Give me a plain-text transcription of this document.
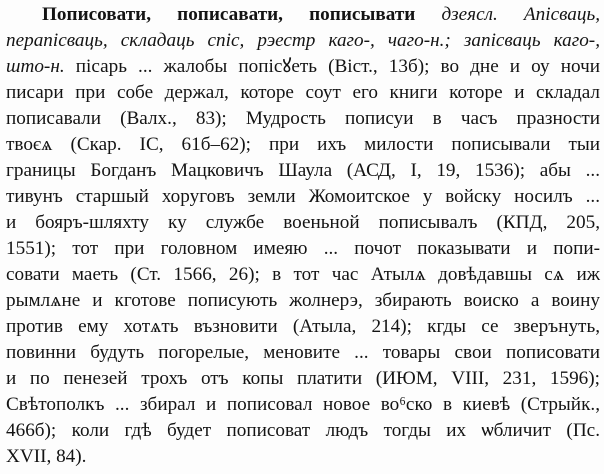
Пописовати, пописавати, пописывати дзеясл. Апісваць,
перапісваць, складаць спіс, рэестр каго-, чаго-н.; запісваць каго-,
што-н. пісарь ... жалобы попісꙋеть (Віст., 13б); во дне и оу ночи
писари при собе держал, которе соут его книги которе и складал
пописавали (Валх., 83); Мудрость пописуи в часъ празности
твоєѧ (Скар. ІС, 61б–62); при ихъ милости пописывали тыи
границы Богданъ Мацковичъ Шаула (АСД, І, 19, 1536); абы ...
тивунъ старшый хоруговъ земли Жомоитское у войску носилъ ...
и бояръ-шляхту ку службе военьной пописывалъ (КПД, 205,
1551); тот при головном имеяю ... почот показывати и попи-
совати маеть (Ст. 1566, 26); в тот час Атылѧ довѣдавшы сѧ иж
рымлѧне и кготове пописують жолнерэ, збирають воиско а воину
против ему хотѧть възновити (Атыла, 214); кгды се зверънуть,
повинни будуть погорелые, меновите ... товары свои пописовати
и по пенезей трохъ отъ копы платити (ИЮМ, VIII, 231, 1596);
Свѣтополкъ ... збирал и пописовал новое во⁶ско в киевѣ (Стрыйк.,
466б); коли гдѣ будет пописоват людъ тогды их ѡбличит (Пс.
XVII, 84).
